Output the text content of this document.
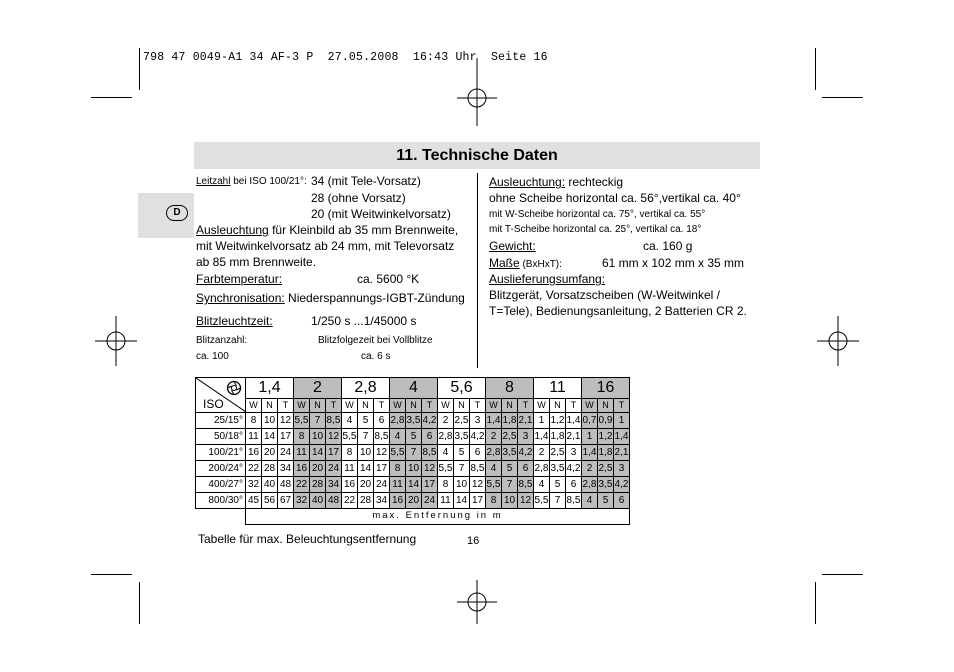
798 47 0049-A1 34 AF-3 P  27.05.2008  16:43 Uhr  Seite 16
11. Technische Daten
D
Leitzahl bei ISO 100/21°: 34 (mit Tele-Vorsatz)
28 (ohne Vorsatz)
20 (mit Weitwinkelvorsatz)
Ausleuchtung für Kleinbild ab 35 mm Brennweite,
mit Weitwinkelvorsatz ab 24 mm, mit Televorsatz
ab 85 mm Brennweite.
Farbtemperatur:	ca. 5600 °K
Synchronisation: Niederspannungs-IGBT-Zündung
Blitzleuchtzeit:	1/250 s ...1/45000 s
Blitzanzahl:	Blitzfolgezeit bei Vollblitze
ca. 100	ca. 6 s
Ausleuchtung: rechteckig
ohne Scheibe horizontal ca. 56°,vertikal ca. 40°
mit W-Scheibe horizontal ca. 75°, vertikal ca. 55°
mit T-Scheibe horizontal ca. 25°, vertikal ca. 18°
Gewicht:	ca. 160 g
Maße (BxHxT):	61 mm x 102 mm x 35 mm
Auslieferungsumfang:
Blitzgerät, Vorsatzscheiben (W-Weitwinkel /
T=Tele), Bedienungsanleitung, 2 Batterien CR 2.
ISO	1,4			2			2,8			4			5,6			8			11			16		
	W	N	T	W	N	T	W	N	T	W	N	T	W	N	T	W	N	T	W	N	T	W	N	T
25/15°	8	10	12	5,5	7	8,5	4	5	6	2,8	3,5	4,2	2	2,5	3	1,4	1,8	2,1	1	1,2	1,4	0,7	0,9	1
50/18°	11	14	17	8	10	12	5,5	7	8,5	4	5	6	2,8	3,5	4,2	2	2,5	3	1,4	1,8	2,1	1	1,2	1,4
100/21°	16	20	24	11	14	17	8	10	12	5,5	7	8,5	4	5	6	2,8	3,5	4,2	2	2,5	3	1,4	1,8	2,1
200/24°	22	28	34	16	20	24	11	14	17	8	10	12	5,5	7	8,5	4	5	6	2,8	3,5	4,2	2	2,5	3
400/27°	32	40	48	22	28	34	16	20	24	11	14	17	8	10	12	5,5	7	8,5	4	5	6	2,8	3,5	4,2
800/30°	45	56	67	32	40	48	22	28	34	16	20	24	11	14	17	8	10	12	5,5	7	8,5	4	5	6
	max. Entfernung in m																							
Tabelle für max. Beleuchtungsentfernung	16
